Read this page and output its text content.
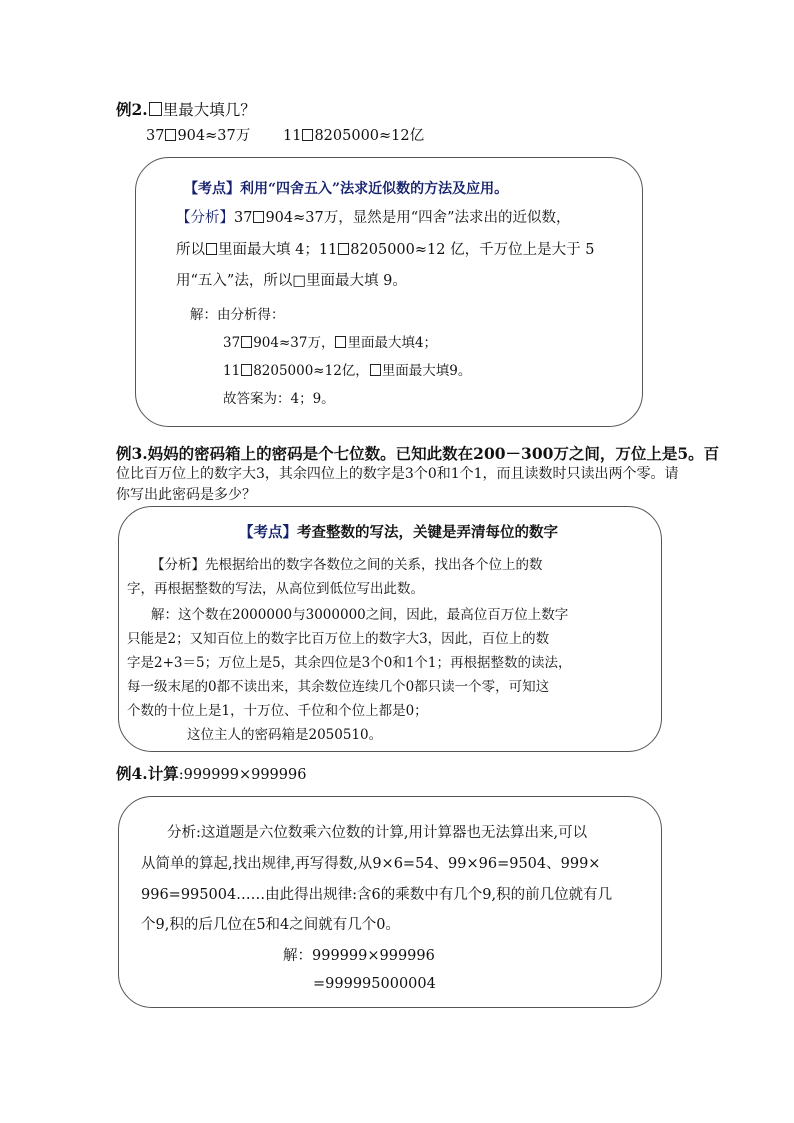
例2. 里最大填几？
37 904≈37万 11 8205000≈12亿
【考点】利用“四舍五入”法求近似数的方法及应用。
【分析】37 904≈37万，显然是用“四舍”法求出的近似数，
所以 里面最大填 4；11 8205000≈12 亿，千万位上是大于 5
用“五入”法，所以□里面最大填 9。
解：由分析得：
37 904≈37万， 里面最大填4；
11 8205000≈12亿， 里面最大填9。
故答案为：4；9。
例3.妈妈的密码箱上的密码是个七位数。已知此数在200－300万之间，万位上是5。百
位比百万位上的数字大3，其余四位上的数字是3个0和1个1，而且读数时只读出两个零。请
你写出此密码是多少？
【考点】考查整数的写法，关键是弄清每位的数字
【分析】先根据给出的数字各数位之间的关系，找出各个位上的数
字，再根据整数的写法，从高位到低位写出此数。
解：这个数在2000000与3000000之间，因此，最高位百万位上数字
只能是2；又知百位上的数字比百万位上的数字大3，因此，百位上的数
字是2+3＝5；万位上是5，其余四位是3个0和1个1；再根据整数的读法，
每一级末尾的0都不读出来，其余数位连续几个0都只读一个零，可知这
个数的十位上是1，十万位、千位和个位上都是0；
这位主人的密码箱是2050510。
例4.计算:999999×999996
分析:这道题是六位数乘六位数的计算,用计算器也无法算出来,可以
从简单的算起,找出规律,再写得数,从9×6=54、99×96=9504、999×
996=995004……由此得出规律:含6的乘数中有几个9,积的前几位就有几
个9,积的后几位在5和4之间就有几个0。
解：999999×999996
=999995000004
